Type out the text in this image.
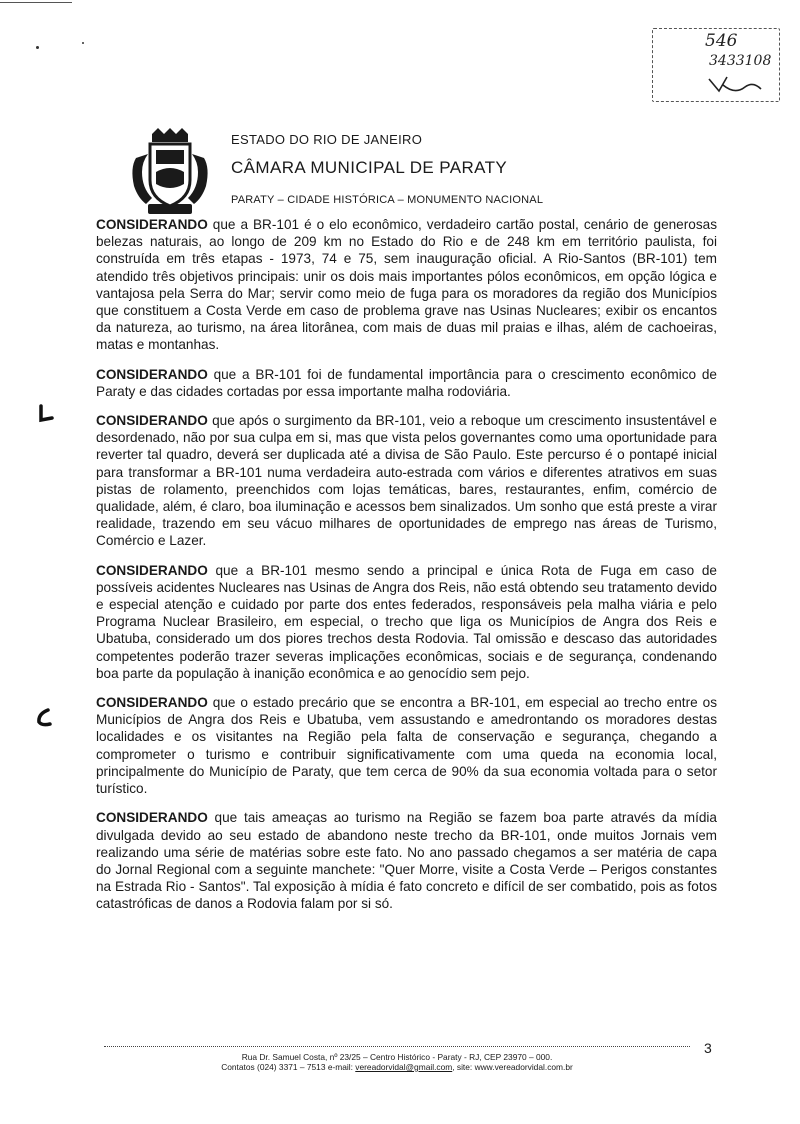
546
3433108
ESTADO DO RIO DE JANEIRO
CÂMARA MUNICIPAL DE PARATY
PARATY – CIDADE HISTÓRICA – MONUMENTO NACIONAL

CONSIDERANDO que a BR-101 é o elo econômico, verdadeiro cartão postal, cenário de generosas belezas naturais, ao longo de 209 km no Estado do Rio e de 248 km em território paulista, foi construída em três etapas - 1973, 74 e 75, sem inauguração oficial. A Rio-Santos (BR-101) tem atendido três objetivos principais: unir os dois mais importantes pólos econômicos, em opção lógica e vantajosa pela Serra do Mar; servir como meio de fuga para os moradores da região dos Municípios que constituem a Costa Verde em caso de problema grave nas Usinas Nucleares; exibir os encantos da natureza, ao turismo, na área litorânea, com mais de duas mil praias e ilhas, além de cachoeiras, matas e montanhas.

CONSIDERANDO que a BR-101 foi de fundamental importância para o crescimento econômico de Paraty e das cidades cortadas por essa importante malha rodoviária.

CONSIDERANDO que após o surgimento da BR-101, veio a reboque um crescimento insustentável e desordenado, não por sua culpa em si, mas que vista pelos governantes como uma oportunidade para reverter tal quadro, deverá ser duplicada até a divisa de São Paulo. Este percurso é o pontapé inicial para transformar a BR-101 numa verdadeira auto-estrada com vários e diferentes atrativos em suas pistas de rolamento, preenchidos com lojas temáticas, bares, restaurantes, enfim, comércio de qualidade, além, é claro, boa iluminação e acessos bem sinalizados. Um sonho que está preste a virar realidade, trazendo em seu vácuo milhares de oportunidades de emprego nas áreas de Turismo, Comércio e Lazer.

CONSIDERANDO que a BR-101 mesmo sendo a principal e única Rota de Fuga em caso de possíveis acidentes Nucleares nas Usinas de Angra dos Reis, não está obtendo seu tratamento devido e especial atenção e cuidado por parte dos entes federados, responsáveis pela malha viária e pelo Programa Nuclear Brasileiro, em especial, o trecho que liga os Municípios de Angra dos Reis e Ubatuba, considerado um dos piores trechos desta Rodovia. Tal omissão e descaso das autoridades competentes poderão trazer severas implicações econômicas, sociais e de segurança, condenando boa parte da população à inanição econômica e ao genocídio sem pejo.

CONSIDERANDO que o estado precário que se encontra a BR-101, em especial ao trecho entre os Municípios de Angra dos Reis e Ubatuba, vem assustando e amedrontando os moradores destas localidades e os visitantes na Região pela falta de conservação e segurança, chegando a comprometer o turismo e contribuir significativamente com uma queda na economia local, principalmente do Município de Paraty, que tem cerca de 90% da sua economia voltada para o setor turístico.

CONSIDERANDO que tais ameaças ao turismo na Região se fazem boa parte através da mídia divulgada devido ao seu estado de abandono neste trecho da BR-101, onde muitos Jornais vem realizando uma série de matérias sobre este fato. No ano passado chegamos a ser matéria de capa do Jornal Regional com a seguinte manchete: "Quer Morre, visite a Costa Verde – Perigos constantes na Estrada Rio - Santos". Tal exposição à mídia é fato concreto e difícil de ser combatido, pois as fotos catastróficas de danos a Rodovia falam por si só.

Rua Dr. Samuel Costa, nº 23/25 – Centro Histórico - Paraty - RJ, CEP 23970 – 000.
Contatos (024) 3371 – 7513 e-mail: vereadorvidal@gmail.com, site: www.vereadorvidal.com.br
3
